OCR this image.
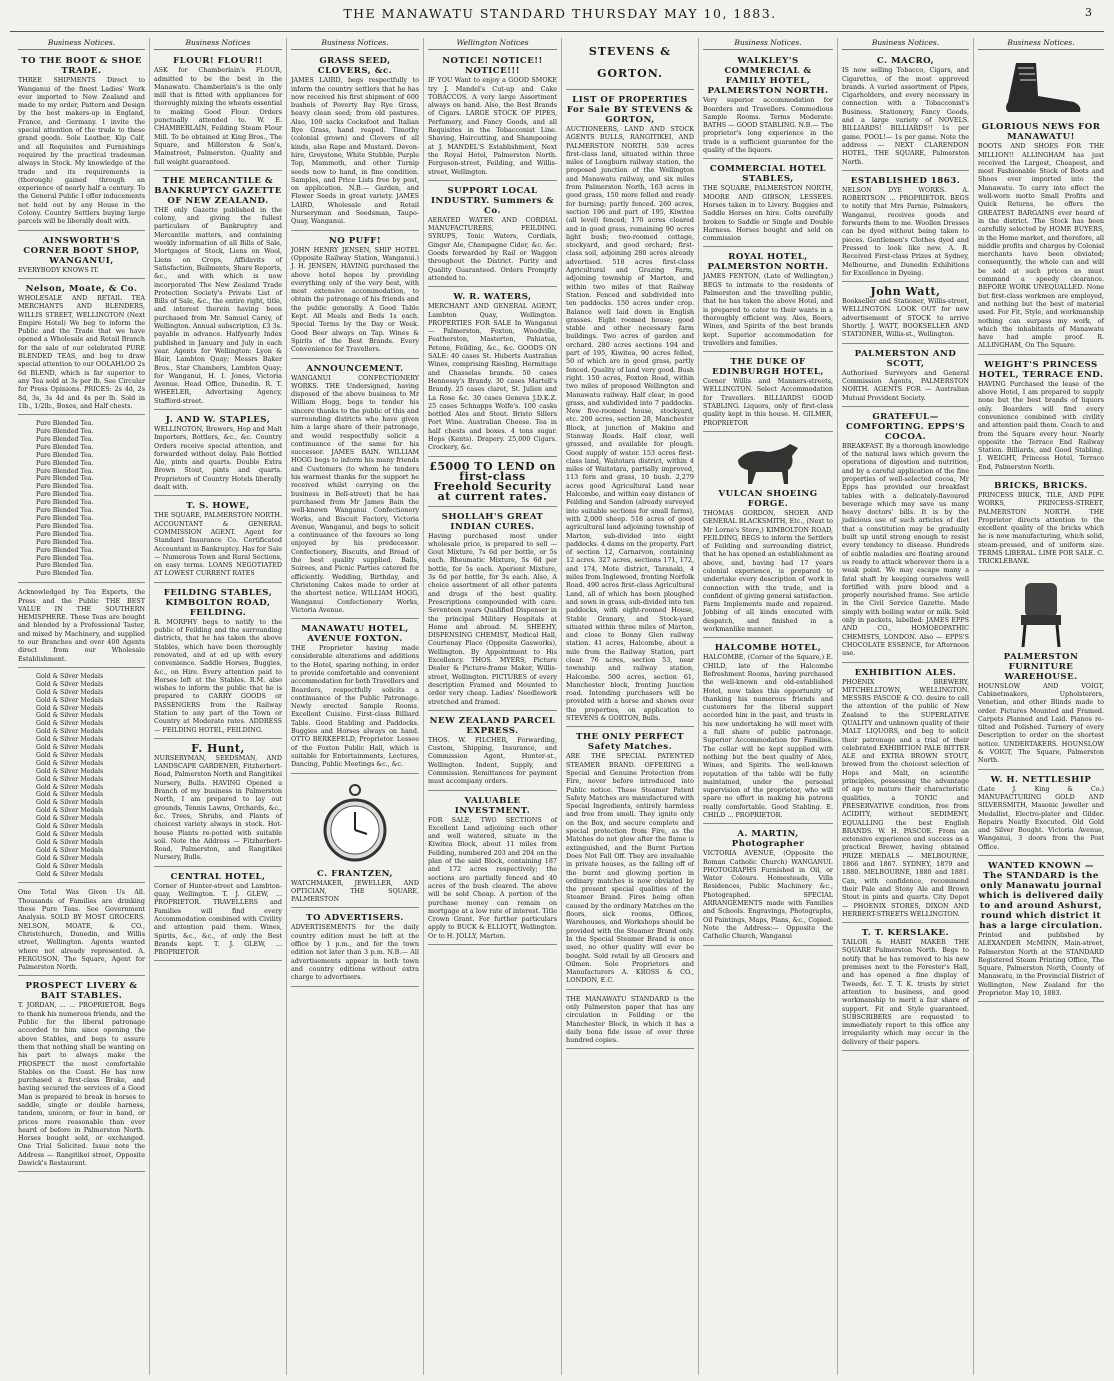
THE MANAWATU STANDARD THURSDAY MAY 10, 1883.	3
Business Notices.
TO THE BOOT & SHOE TRADE.
THREE SHIPMENTS Direct to Wanganui of the finest Ladies' Work ever imported to New Zealand and made to my order, Pattern and Design by the best makers-up in England, France, and Germany. I invite the special attention of the trade to these grand goods. Sole Leather, Kip Calf, and all Requisites and Furnishings required by the practical tradesman always in Stock. My knowledge of the trade and its requirements is (thorough) gained through an experience of nearly half a century. To the General Public I offer inducements not held out by any House in the Colony. Country Settlers buying large parcels will be liberally dealt with.
AINSWORTH'S CORNER BOOT SHOP, WANGANUI,
EVERYBODY KNOWS IT.
Nelson, Moate, & Co.
WHOLESALE AND RETAIL TEA MERCHANTS AND BLENDERS, WILLIS STREET, WELLINGTON (Next Empire Hotel) We beg to inform the Public and the Trade that we have opened a Wholesale and Retail Branch for the sale of our celebrated PURE BLENDED TEAS, and beg to draw special attention to our OOLAHLOO 2s 6d BLEND, which is far superior to any Tea sold at 3s per lb. See Circular for Press Opinions. PRICES: 2s 4d, 2s 8d, 3s, 3s 4d and 4s per lb. Sold in 1lb., 1/2lb., Boxes, and Half chests.
Pure Blended Tea.
Pure Blended Tea.
Pure Blended Tea.
Pure Blended Tea.
Pure Blended Tea.
Pure Blended Tea.
Pure Blended Tea.
Pure Blended Tea.
Pure Blended Tea.
Pure Blended Tea.
Pure Blended Tea.
Pure Blended Tea.
Pure Blended Tea.
Pure Blended Tea.
Pure Blended Tea.
Pure Blended Tea.
Pure Blended Tea.
Pure Blended Tea.
Pure Blended Tea.
Pure Blended Tea.
Acknowledged by Tea Experts, the Press and the Public THE BEST VALUE IN THE SOUTHERN HEMISPHERE. These Teas are bought and blended by a Professional Taster, and mixed by Machinery, and supplied to our Branches and over 400 Agents direct from our Wholesale Establishment.
Gold & Silver Medals
Gold & Silver Medals
Gold & Silver Medals
Gold & Silver Medals
Gold & Silver Medals
Gold & Silver Medals
Gold & Silver Medals
Gold & Silver Medals
Gold & Silver Medals
Gold & Silver Medals
Gold & Silver Medals
Gold & Silver Medals
Gold & Silver Medals
Gold & Silver Medals
Gold & Silver Medals
Gold & Silver Medals
Gold & Silver Medals
Gold & Silver Medals
Gold & Silver Medals
Gold & Silver Medals
Gold & Silver Medals
Gold & Silver Medals
Gold & Silver Medals
Gold & Silver Medals
Gold & Silver Medals
Gold & Silver Medals
One Total Was Given Us All. Thousands of Families are drinking these Pure Teas. See Government Analysis. SOLD BY MOST GROCERS. NELSON, MOATE, & CO., Christchurch, Dunedin, and Willis street, Wellington. Agents wanted where not already represented. A. FERGUSON, The Square, Agent for Palmerston North.
PROSPECT LIVERY & BAIT STABLES.
T. JORDAN, ... ... PROPRIETOR. Begs to thank his numerous friends, and the Public for the liberal patronage accorded to him since opening the above Stables, and begs to assure them that nothing shall be wanting on his part to always make the PROSPECT the most comfortable Stables on the Coast. He has now purchased a first-class Brake, and having secured the services of a Good Man is prepared to break in horses to saddle, single or double harness, tandem, unicorn, or four in hand, or prices more reasonable than ever heard of before in Palmerston North. Horses bought sold, or exchanged. One Trial Solicited. Issue note the Address — Rangitikei street, Opposite Dawick's Restaurant.
Business Notices
FLOUR! FLOUR!!
ASK for Chamberlain's FLOUR, admitted to be the best in the Manawatu. Chamberlain's is the only mill that is fitted with appliances for thoroughly mixing the wheats essential to making Good Flour. Orders punctually attended to. W. E. CHAMBERLAIN, Feilding Steam Flour Mill. To be obtained at King Bros., The Square, and Millerston & Son's, Mainstreet, Palmerston. Quality and full weight guaranteed.
THE MERCANTILE & BANKRUPTCY GAZETTE OF NEW ZEALAND.
THE only Gazette published in the colony, and giving the fullest particulars of Bankruptcy and Mercantile matters, and containing weekly information of all Bills of Sale, Mortgages of Stock, Liens on Wool, Liens on Crops, Affidavits of Satisfaction, Bailments, Share Reports, &c., and with which is now incorporated The New Zealand Trade Protection Society's Private List of Bills of Sale, &c., the entire right, title, and interest therein having been purchased from Mr. Samuel Carey, of Wellington. Annual subscription, £3 3s. payable in advance. Halfyearly Index published in January and July in each year. Agents for Wellington: Lyon & Blair, Lambton Quay; Messrs Baker Bros., Star Chambers, Lambton Quay; for Wanganui, H. I. Jones, Victoria Avenue. Head Office, Dunedin. R. T. WHEELER, Advertising Agency, Stafford-street.
J. AND W. STAPLES,
WELLINGTON, Brewers, Hop and Malt Importers, Bottlers, &c., &c. Country Orders receive special attention, and forwarded without delay. Pale Bottled Ale, pints and quarts. Double Extra Brown Stout, pints and quarts. Proprietors of Country Hotels liberally dealt with.
T. S. HOWE,
THE SQUARE, PALMERSTON NORTH. ACCOUNTANT & GENERAL COMMISSION AGENT. Agent for Standard Insurance Co. Certificated Accountant in Bankruptcy. Has for Sale — Numerous Town and Rural Sections, on easy terms. LOANS NEGOTIATED AT LOWEST CURRENT RATES
FEILDING STABLES, KIMBOLTON ROAD, FEILDING.
R. MORPHY begs to notify to the public of Feilding and the surrounding districts, that he has taken the above Stables, which have been thoroughly renovated, and at ed up with every convenience. Saddle Horses, Buggies, &c., on Hire. Every attention paid to Horses left at the Stables. R.M. also wishes to inform the public that he is prepared to CARRY GOODS or PASSENGERS from the Railway Station to any part of the Town or Country at Moderate rates. ADDRESS — FEILDING HOTEL, FEILDING.
F. Hunt,
NURSERYMAN, SEEDSMAN, AND LANDSCAPE GARDENER, Fitzherbert-Road, Palmerston North and Rangitikei Nursery, Bulls. HAVING Opened a Branch of my business in Palmerston North, I am prepared to lay out grounds, Tennis Lawns, Orchards, &c., &c. Trees, Shrubs, and Plants of choicest variety always in stock. Hot-house Plants re-potted with suitable soil. Note the Address — Fitzherbert-Road, Palmerston, and Rangitikei Nursery, Bulls.
CENTRAL HOTEL,
Corner of Hunter-street and Lambton-quay, Wellington. T. J. GLEW, ... PROPRIETOR. TRAVELLERS and Families will find every Accommodation combined with Civility and attention paid them. Wines, Spirits, &c., &c., of only the Best Brands kept. T. J. GLEW, ... PROPRIETOR
Business Notices.
GRASS SEED, CLOVERS, &c.
JAMES LAIRD, begs respectfully to inform the country settlers that he has now received his first shipment of 600 bushels of Poverty Bay Rye Grass, heavy clean seed; from old pastures. Also, 100 sacks Cocksfoot and Italian Rye Grass, hand reaped. Timothy (colonial grown) and Clovers of all kinds, also Rape and Mustard. Devon-hire, Greystone, White Stubble, Purple Top, Mammoth, and other Turnip seeds now to hand, in fine condition. Samples, and Price Lists free by post, on application. N.B.— Garden, and Flower Seeds in great variety. JAMES LAIRD, Wholesale and Retail Nurseryman and Seedsman, Taupo-Quay, Wanganui.
NO PUFF!
JOHN HENRY JENSEN, SHIP HOTEL (Opposite Railway Station, Wanganui.) J. H. JENSEN, HAVING purchased the above hotel hopes by providing everything only of the very best, with most extensive accommodation, to obtain the patronage of his friends and the public generally. A Good Table Kept. All Meals and Beds 1s each. Special Terms by the Day or Week. Good Beer always on Tap. Wines & Spirits of the Best Brands. Every Convenience for Travellers.
ANNOUNCEMENT.
WANGANUI CONFECTIONERY WORKS. THE Undersigned, having disposed of the above business to Mr William Hogg, begs to tender his sincere thanks to the public of this and surrounding districts who have given him a large share of their patronage, and would respectfully solicit a continuance of the same for his successor. JAMES BAIN. WILLIAM HOGG begs to inform his many friends and Customers (to whom he tenders his warmest thanks for the support he received whilst carrying on the business in Bell-street) that he has purchased from Mr James Bain the well-known Wanganui Confectionery Works, and Biscuit Factory, Victoria Avenue, Wanganui, and begs to solicit a continuance of the favours so long enjoyed by his predecessor. Confectionery, Biscuits, and Bread of the best quality supplied. Balls, Soirees, and Picnic Parties catered for efficiently. Wedding, Birthday, and Christening Cakes made to order at the shortest notice. WILLIAM HOGG, Wanganui Confectionery Works, Victoria Avenue.
MANAWATU HOTEL, AVENUE FOXTON.
THE Proprietor having made considerable alterations and additions to the Hotel, sparing nothing, in order to provide comfortable and convenient accommodation for both Travellers and Boarders, respectfully solicits a continuance of the Public Patronage. Newly erected Sample Rooms. Excellent Cuisine. First-class Billiard Table. Good Stabling and Paddocks. Buggies and Horses always on hand. OTTO BERKEFELD, Proprietor. Lessee of the Foxton Public Hall, which is suitable for Entertainments, Lectures, Dancing, Public Meetings &c., &c.
C. FRANTZEN,
WATCHMAKER, JEWELLER, AND OPTICIAN, THE SQUARE, PALMERSTON
TO ADVERTISERS.
ADVERTISEMENTS for the daily country edition must be left at the office by 1 p.m., and for the town edition not later than 3 p.m. N.B.— All advertisements appear in both town and country editions without extra charge to advertisers.
Wellington Notices
NOTICE! NOTICE!! NOTICE!!!
IF YOU Want to enjoy a GOOD SMOKE try J. Mandel's Cut-up and Cake TOBACCOS. A very large Assortment always on hand. Also, the Best Brands of Cigars. LARGE STOCK OF PIPES, Perfumery, and Fancy Goods, and all Requisites in the Tobacconist Line. Shaving, Haircutting, and Shampooing at J. MANDEL'S Establishment, Next the Royal Hotel, Palmerston North. Ferguson-street, Feilding, and Willis-street, Wellington.
SUPPORT LOCAL INDUSTRY. Summers & Co.
AERATED WATER AND CORDIAL MANUFACTURERS, FEILDING. SYRUPS, Tonic Waters, Cordials, Ginger Ale, Champagne Cider, &c. &c. Goods forwarded by Rail or Waggon throughout the District. Purity and Quality Guaranteed. Orders Promptly attended to.
W. R. WATERS,
MERCHANT AND GENERAL AGENT, Lambton Quay, Wellington. PROPERTIES FOR SALE In Wanganui — Palmerston, Foxton, Woodville, Featherston, Masterton, Pahiatua, Petone, Feilding, &c., &c. GOODS ON SALE: 40 cases St. Huberts Australian Wines, comprising Riesling, Hermitage and Chasselas brands. 50 cases Hennessy's Brandy. 30 cases Martell's Brandy. 25 cases claret, St. Julien and La Rose &c. 30 cases Geneva J.D.K.Z. 25 cases Schnapps Wolfe's. 100 casks bottled Ales and Stout. Bristo Sillers Port Wine. Australian Cheese. Tea in half chests and boxes. 4 tons sugar. Hops (Kents). Drapery. 25,000 Cigars. Crockery, &c.
£5000 TO LEND on first-class Freehold Security at current rates.
SHOLLAH'S GREAT INDIAN CURES.
Having purchased most under wholesale price, is prepared to sell — Gout Mixture, 7s 6d per bottle, or 5s each. Rheumatic Mixture, 5s 6d per bottle, for 5s each. Aperient Mixture, 3s 6d per bottle, for 3s each. Also, A choice assortment of all other patents and drugs of the best quality. Prescriptions compounded with care. Seventeen years Qualified Dispenser in the principal Military Hospitals at Home and abroad. M. SHEEHY, DISPENSING CHEMIST, Medical Hall, Courtenay Place (Opposite Gasworks), Wellington. By Appointment to His Excellency. THOS. MYERS, Picture Dealer & Picture-frame Maker, Willis-street, Wellington. PICTURES of every description Framed and Mounted to order very cheap. Ladies' Needlework stretched and framed.
NEW ZEALAND PARCEL EXPRESS.
THOS. W. FILCHER, Forwarding, Custom, Shipping, Insurance, and Commission Agent, Hunter-st., Wellington. Indent, Supply, and Commission. Remittances for payment must accompany orders.
VALUABLE INVESTMENT.
FOR SALE, TWO SECTIONS of Excellent Land adjoining each other and well watered, situate in the Kiwitea Block, about 11 miles from Feilding, numbered 203 and 204 on the plan of the said Block, containing 187 and 172 acres respectively; the sections are partially fenced and 40 acres of the bush cleared. The above will be sold Cheap. A portion of the purchase money can remain on mortgage at a low rate of interest. Title Crown Grant. For further particulars apply to BUCK & ELLIOTT, Wellington. Or to H. JOLLY, Marton.
STEVENS & GORTON.
LIST OF PROPERTIES For Sale BY STEVENS & GORTON,
AUCTIONEERS, LAND AND STOCK AGENTS BULLS, RANGITIKEI, AND PALMERSTON NORTH. 539 acres first-class land, situated within three miles of Longburn railway station, the proposed junction of the Wellington and Manawatu railway, and six miles from Palmerston North, 163 acres in good grass, 150 more felled and ready for burning; partly fenced. 260 acres, section 196 and part of 195, Kiwitea (all level) fenced; 170 acres cleared and in good grass, remaining 90 acres light bush; two-roomed cottage, stockyard, and good orchard; first-class soil, adjoining 280 acres already advertised. 518 acres first-class Agricultural and Grazing Farm, adjoining township of Marton, and within two miles of that Railway Station. Fenced and subdivided into ten paddocks. 150 acres under crop. Balance well laid down in English grasses. Eight roomed house; good stable and other necessary farm buildings. Two acres of garden and orchard. 280 acres sections 194 and part of 195, Kiwitea, 90 acres felled, 50 of which are in good grass, partly fenced. Quality of land very good. Bush right. 150 acres, Foxton Road, within two miles of proposed Wellington and Manawatu railway. Half clear, in good grass, and subdivided into 7 paddocks. New five-roomed house, stockyard, etc. 200 acres, section 28, Manchester Block, at junction of Makino and Stanway Roads. Half clear, well grassed, and available for plough. Good supply of water. 153 acres first-class land, Waitotara district, within 4 miles of Waitotara, partially improved, 113 fern and grass, 10 bush. 2,279 acres good Agricultural Land near Halcombe, and within easy distance of Feilding and Sandon (already surveyed into suitable sections for small farms), with 2,000 sheep. 518 acres of good agricultural land adjoining township of Marton, sub-divided into eight paddocks. 4 dams on the property. Part of section 12, Carnarvon, containing 12 acres. 327 acres, sections 171, 172, and 174, Mote district, Taranaki, 4 miles from Inglewood, fronting Norfolk Road. 490 acres first-class Agricultural Land, all of which has been ploughed and sown in grass, sub-divided into ten paddocks, with eight-roomed House, Stable Granary, and Stock-yard situated within three miles of Marton, and close to Bonny Glen railway station. 41 acres, Halcombe, about a mile from the Railway Station, part clear. 76 acres, section 53, near township and railway station, Halcombe. 500 acres, section 61, Manchester block, fronting Junction road. Intending purchasers will be provided with a horse and shown over the properties, on application to STEVENS & GORTON, Bulls.
THE ONLY PERFECT Safety Matches.
ARE THE SPECIAL PATENTED STEAMER BRAND. OFFERING a Special and Genuine Protection from Fire, never before introduced into Public notice. These Steamer Patent Safety Matches are manufactured with Special Ingredients, entirely harmless and free from smell. They ignite only on the Box, and secure complete and special protection from Fire, as the Matches do not glow after the flame is extinguished, and the Burnt Portion Does Not Fall Off. They are invaluable in private houses, as the falling off of the burnt and glowing portion in ordinary matches is now obviated by the present special qualities of the Steamer Brand. Fires being often caused by the ordinary Matches on the floors, sick rooms, Offices, Warehouses, and Workshops should be provided with the Steamer Brand only. In the Special Steamer Brand is once used, no other quality will ever be bought. Sold retail by all Grocers and Oilmen. Sole Proprietors and Manufacturers A. KROSS & CO., LONDON, E.C.
THE MANAWATU STANDARD is the only Palmerston paper that has any circulation in Feilding or the Manchester Block, in which it has a daily bona fide issue of over three hundred copies.
Business Notices.
WALKLEY'S COMMERCIAL & FAMILY HOTEL, PALMERSTON NORTH.
Very superior accommodation for Boarders and Travellers. Commodious Sample Rooms. Terms Moderate. BATHS — GOOD STABLING. N.B.— The proprietor's long experience in the trade is a sufficient guarantee for the quality of the liquors.
COMMERCIAL HOTEL STABLES,
THE SQUARE, PALMERSTON NORTH, MOORE AND GIBSON, LESSEES. Horses taken in to Livery. Buggies and Saddle Horses on hire. Colts carefully broken to Saddle or Single and Double Harness. Horses bought and sold on commission
ROYAL HOTEL, PALMERSTON NORTH.
JAMES FENTON, (Late of Wellington,) BEGS to intimate to the residents of Palmerston and the travelling public, that he has taken the above Hotel, and is prepared to cater to their wants in a thoroughly efficient way. Ales, Beers, Wines, and Spirits of the best brands kept. Superior accommodation for travellers and families.
THE DUKE OF EDINBURGH HOTEL,
Corner Willis and Manners-streets, WELLINGTON. Select Accommodation for Travellers. BILLIARDS! GOOD STABLING. Liquors, only of first-class quality kept in this house. H. GILMER, PROPRIETOR
VULCAN SHOEING FORGE.
THOMAS GORDON, SHOER AND GENERAL BLACKSMITH, Etc., (Next to Mr Lorne's Store,) KIMBOLTON ROAD, FEILDING, BEGS to inform the Settlers of Feilding and surrounding district, that he has opened an establishment as above, and, having had 17 years colonial experience, is prepared to undertake every description of work in connection with the trade, and is confident of giving general satisfaction. Farm Implements made and repaired. Jobbing of all kinds executed with despatch, and finished in a workmanlike manner.
HALCOMBE HOTEL,
HALCOMBE, (Corner of the Square,) E. CHILD, late of the Halcombe Refreshment Rooms, having purchased the well-known and old-established Hotel, now takes this opportunity of thanking his numerous friends and customers for the liberal support accorded him in the past, and trusts in his new undertaking he will meet with a full share of public patronage. Superior Accommodation for Families. The cellar will be kept supplied with nothing but the best quality of Ales, Wines, and Spirits. The well-known reputation of the table will be fully maintained, under the personal supervision of the proprietor, who will spare no effort in making his patrons really comfortable. Good Stabling. E. CHILD ... PROPRIETOR.
A. MARTIN, Photographer
VICTORIA AVENUE, (Opposite the Roman Catholic Church) WANGANUI. PHOTOGRAPHS Furnished in Oil, or Water Colours. Homesteads, Villa Residences, Public Machinery &c., Photographed. SPECIAL ARRANGEMENTS made with Families and Schools. Engravings, Photographs, Oil Paintings, Maps, Plans, &c., Copied. Note the Address:— Opposite the Catholic Church, Wanganui
Business Notices.
C. MACRO,
IS now selling Tobacco, Cigars, and Cigarettes, of the most approved brands. A varied assortment of Pipes, Cigarholders, and every necessary in connection with a Tobacconist's Business. Stationery, Fancy Goods, and a large variety of NOVELS. BILLIARDS! BILLIARDS!! 1s per game. POOL!— 1s per game. Note the address — NEXT CLARENDON HOTEL, THE SQUARE, Palmerston North.
ESTABLISHED 1863.
NELSON DYE WORKS. A. ROBERTSON ... PROPRIETOR. BEGS to notify that Mrs Parnie, Palmakers, Wanganui, receives goods and forwards them to me. Woollen Dresses can be dyed without being taken to pieces. Gentlemen's Clothes dyed and Pressed to look like new. A. R. Received First-class Prizes at Sydney, Melbourne, and Dunedin Exhibitions for Excellence in Dyeing.
John Watt,
Bookseller and Stationer, Willis-street, WELLINGTON. LOOK OUT for new advertisement of STOCK to arrive Shortly. J. WATT, BOOKSELLER AND STATIONER, Willis-st., Wellington.
PALMERSTON AND SCOTT,
Authorised Surveyors and General Commission Agents, PALMERSTON NORTH. AGENTS FOR — Australian Mutual Provident Society.
GRATEFUL—COMFORTING. EPPS'S COCOA.
BREAKFAST. By a thorough knowledge of the natural laws which govern the operations of digestion and nutrition, and by a careful application of the fine properties of well-selected cocoa, Mr Epps has provided our breakfast tables with a delicately-flavoured beverage which may save us many heavy doctors' bills. It is by the judicious use of such articles of diet that a constitution may be gradually built up until strong enough to resist every tendency to disease. Hundreds of subtle maladies are floating around us ready to attack wherever there is a weak point. We may escape many a fatal shaft by keeping ourselves well fortified with pure blood and a properly nourished frame. See article in the Civil Service Gazette. Made simply with boiling water or milk. Sold only in packets, labelled: JAMES EPPS AND CO., HOMOEOPATHIC CHEMISTS, LONDON. Also — EPPS'S CHOCOLATE ESSENCE, for Afternoon use.
EXHIBITION ALES.
PHOENIX BREWERY, MITCHELLTOWN, WELLINGTON. MESSRS PASCOE & CO. desire to call the attention of the public of New Zealand to the SUPERLATIVE QUALITY and unknown quality of their MALT LIQUORS, and beg to solicit their patronage and a trial of their celebrated EXHIBITION PALE BITTER ALE and EXTRA BROWN STOUT, brewed from the choicest selection of Hops and Malt, on scientific principles, possessing the advantage of age to mature their characteristic qualities, a TONIC and PRESERVATIVE condition, free from ACIDITY, without SEDIMENT, EQUALLING the best English BRANDS. W. H. PASCOE. From an extensive experience and success as a practical Brewer, having obtained PRIZE MEDALS — MELBOURNE, 1866 and 1867. SYDNEY, 1879 and 1880. MELBOURNE, 1880 and 1881. Can, with confidence, recommend their Pale and Stony Ale and Brown Stout in pints and quarts. City Depot — PHOENIX STORES, DIXON AND HERBERT-STREETS WELLINGTON.
T. T. KERSLAKE.
TAILOR & HABIT MAKER THE SQUARE Palmerston North. Begs to notify that he has removed to his new premises next to the Forester's Hall, and has opened a fine display of Tweeds, &c. T. T. K. trusts by strict attention to business, and good workmanship to merit a fair share of support. Fit and Style guaranteed. SUBSCRIBERS are requested to immediately report to this office any irregularity which may occur in the delivery of their papers.
Business Notices.
GLORIOUS NEWS FOR MANAWATU!
BOOTS AND SHOES FOR THE MILLION!! ALLINGHAM has just received the Largest, Cheapest, and most Fashionable Stock of Boots and Shoes ever imported into the Manawatu. To carry into effect the well-worn motto Small Profits and Quick Returns, he offers the GREATEST BARGAINS ever heard of in the district. The Stock has been carefully selected by HOME BUYERS, in the Home market, and therefore, all middle profits and charges by Colonial merchants have been obviated; consequently, the whole can and will be sold at such prices as must command a speedy clearance. BEFORE WORK UNEQUALLED. None but first-class workmen are employed, and nothing but the best of material used. For Fit, Style, and workmanship nothing can surpass my work, of which the inhabitants of Manawatu have had ample proof. R. ALLINGHAM, On The Square.
WEIGHT'S PRINCESS HOTEL, TERRACE END.
HAVING Purchased the lease of the above Hotel, I am prepared to supply none but the best brands of liquors only. Boarders will find every convenience combined with civility and attention paid them. Coach to and from the Square every hour. Nearly opposite the Terrace End Railway Station. Billiards, and Good Stabling. J. WEIGHT, Princess Hotel, Terrace End, Palmerston North.
BRICKS, BRICKS.
PRINCESS BRICK, TILE, AND PIPE WORKS, PRINCESS-STREET, PALMERSTON NORTH. THE Proprietor directs attention to the excellent quality of the bricks which he is now manufacturing, which solid, steam-pressed, and of uniform size. TERMS LIBERAL. LIME FOR SALE. C. TRICKLEBANK.
PALMERSTON FURNITURE WAREHOUSE.
HOUNSLOW AND VOIGT, Cabinetmakers, Upholsterers, Venetian, and other Blinds made to order. Pictures Mounted and Framed. Carpets Planned and Laid. Pianos re-tilted and Polished. Turnery of every Description to order on the shortest notice. UNDERTAKERS. HOUNSLOW & VOIGT, The Square, Palmerston North.
W. H. NETTLESHIP
(Late J. King & Co.) MANUFACTURING GOLD AND SILVERSMITH, Masonic Jeweller and Medallist, Electro-plater and Gilder. Repairs Neatly Executed. Old Gold and Silver Bought. Victoria Avenue, Wanganui, 3 doors from the Post Office.
WANTED KNOWN — The STANDARD is the only Manawatu journal which is delivered daily to and around Ashurst, round which district it has a large circulation.
Printed and published by ALEXANDER McMINN, Main-street, Palmerston North at the STANDARD Registered Steam Printing Office, The Square, Palmerston North, County of Manawatu, in the Provincial District of Wellington, New Zealand for the Proprietor. May 10, 1883.
